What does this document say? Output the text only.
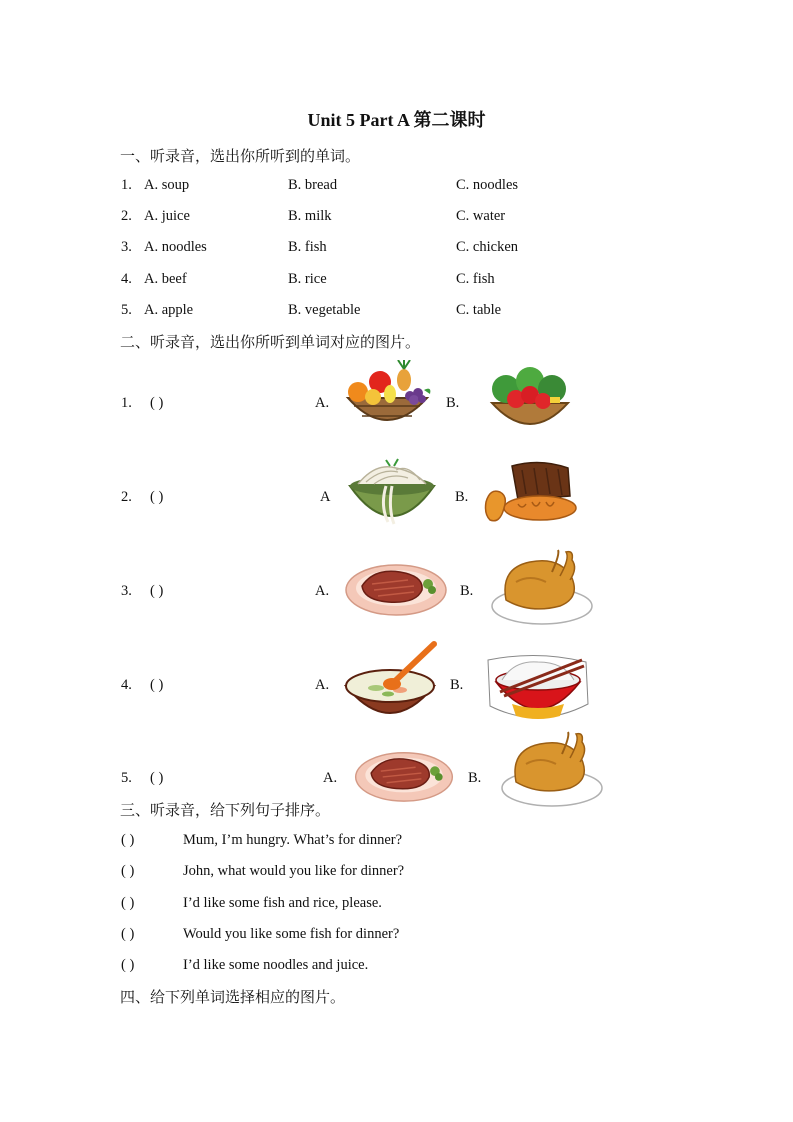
Unit 5 Part A 第二课时
一、听录音，选出你所听到的单词。
1. A. soup	B. bread	C. noodles
2. A. juice	B. milk	C. water
3. A. noodles	B. fish	C. chicken
4. A. beef	B. rice	C. fish
5. A. apple	B. vegetable	C. table
二、听录音，选出你所听到单词对应的图片。
1. ( )	A.	B.
2. ( )	A	B.
3. ( )	A.	B.
4. ( )	A.	B.
5. ( )	A.	B.
三、听录音，给下列句子排序。
( )	Mum, I’m hungry. What’s for dinner?
( )	John, what would you like for dinner?
( )	I’d like some fish and rice, please.
( )	Would you like some fish for dinner?
( )	I’d like some noodles and juice.
四、给下列单词选择相应的图片。
